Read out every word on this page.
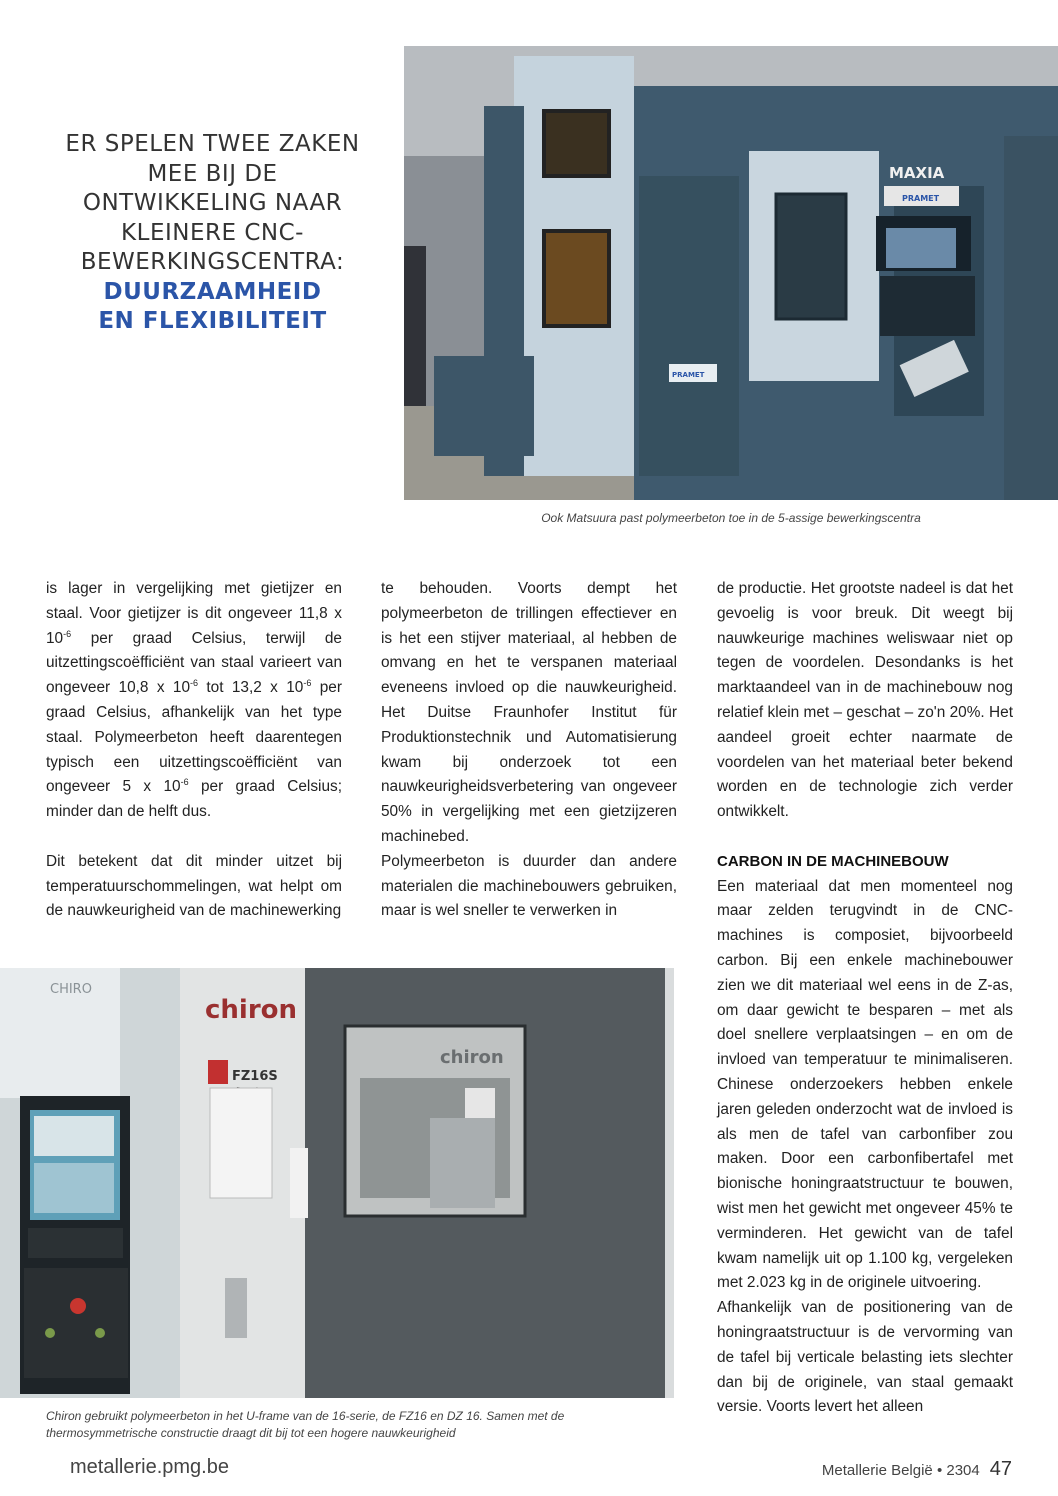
ER SPELEN TWEE ZAKEN
MEE BIJ DE
ONTWIKKELING NAAR
KLEINERE CNC-
BEWERKINGSCENTRA:
DUURZAAMHEID
EN FLEXIBILITEIT
MAXIA
PRAMET
PRAMET
Ook Matsuura past polymeerbeton toe in de 5-assige bewerkingscentra

is lager in vergelijking met gietijzer en staal. Voor gietijzer is dit ongeveer 11,8 x $10^{-6}$ per graad Celsius, terwijl de uitzettingscoëfficiënt van staal varieert van ongeveer 10,8 x $10^{-6}$ tot 13,2 x $10^{-6}$ per graad Celsius, afhankelijk van het type staal. Polymeerbeton heeft daarentegen typisch een uitzettingscoëfficiënt van ongeveer 5 x $10^{-6}$ per graad Celsius; minder dan de helft dus.

Dit betekent dat dit minder uitzet bij temperatuurschommelingen, wat helpt om de nauwkeurigheid van de machinewerking

te behouden. Voorts dempt het polymeerbeton de trillingen effectiever en is het een stijver materiaal, al hebben de omvang en het te verspanen materiaal eveneens invloed op die nauwkeurigheid. Het Duitse Fraunhofer Institut für Produktionstechnik und Automatisierung kwam bij onderzoek tot een nauwkeurigheidsverbetering van ongeveer 50% in vergelijking met een gietzijzeren machinebed.

Polymeerbeton is duurder dan andere materialen die machinebouwers gebruiken, maar is wel sneller te verwerken in

de productie. Het grootste nadeel is dat het gevoelig is voor breuk. Dit weegt bij nauwkeurige machines weliswaar niet op tegen de voordelen. Desondanks is het marktaandeel van in de machinebouw nog relatief klein met – geschat – zo'n 20%. Het aandeel groeit echter naarmate de voordelen van het materiaal beter bekend worden en de technologie zich verder ontwikkelt.

CARBON IN DE MACHINEBOUW

Een materiaal dat men momenteel nog maar zelden terugvindt in de CNC-machines is composiet, bijvoorbeeld carbon. Bij een enkele machinebouwer zien we dit materiaal wel eens in de Z-as, om daar gewicht te besparen – met als doel snellere verplaatsingen – en om de invloed van temperatuur te minimaliseren. Chinese onderzoekers hebben enkele jaren geleden onderzocht wat de invloed is als men de tafel van carbonfiber zou maken. Door een carbonfibertafel met bionische honingraatstructuur te bouwen, wist men het gewicht met ongeveer 45% te verminderen. Het gewicht van de tafel kwam namelijk uit op 1.100 kg, vergeleken met 2.023 kg in de originele uitvoering.

Afhankelijk van de positionering van de honingraatstructuur is de vervorming van de tafel bij verticale belasting iets slechter dan bij de originele, van staal gemaakt versie. Voorts levert het alleen

CHIRO
chiron
chiron
FZ16S
Chiron gebruikt polymeerbeton in het U-frame van de 16-serie, de FZ16 en DZ 16. Samen met de thermosymmetrische constructie draagt dit bij tot een hogere nauwkeurigheid
metallerie.pmg.be	Metallerie België • 2304 47
